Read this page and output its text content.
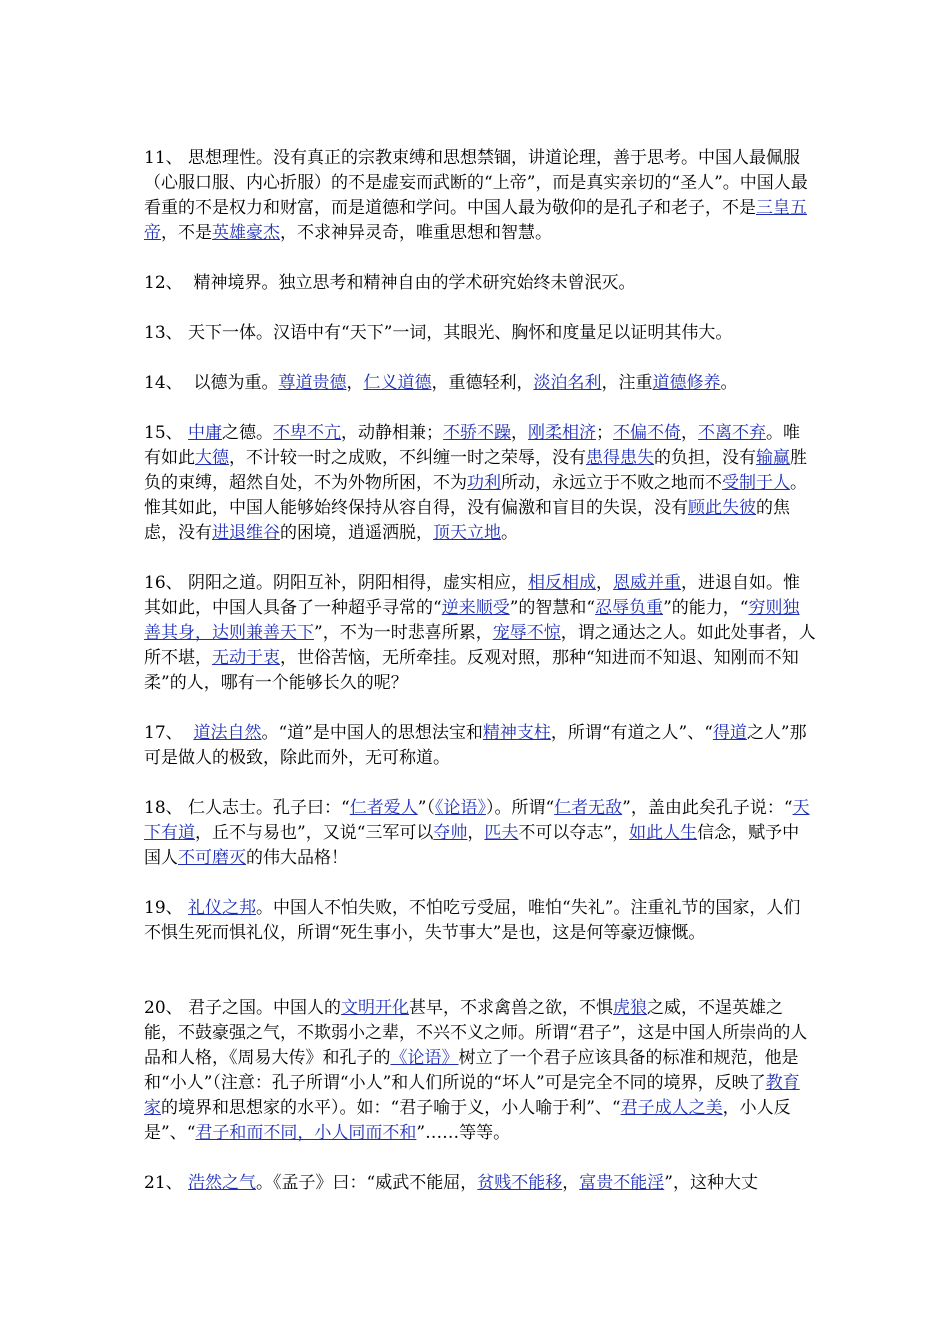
11、 思想理性。没有真正的宗教束缚和思想禁锢，讲道论理，善于思考。中国人最佩服（心服口服、内心折服）的不是虚妄而武断的“上帝”，而是真实亲切的“圣人”。中国人最看重的不是权力和财富，而是道德和学问。中国人最为敬仰的是孔子和老子，不是三皇五帝，不是英雄豪杰，不求神异灵奇，唯重思想和智慧。

12、  精神境界。独立思考和精神自由的学术研究始终未曾泯灭。

13、 天下一体。汉语中有“天下”一词，其眼光、胸怀和度量足以证明其伟大。

14、  以德为重。尊道贵德，仁义道德，重德轻利，淡泊名利，注重道德修养。

15、 中庸之德。不卑不亢，动静相兼；不骄不躁，刚柔相济；不偏不倚，不离不弃。唯有如此大德，不计较一时之成败，不纠缠一时之荣辱，没有患得患失的负担，没有输赢胜负的束缚，超然自处，不为外物所困，不为功利所动，永远立于不败之地而不受制于人。惟其如此，中国人能够始终保持从容自得，没有偏激和盲目的失误，没有顾此失彼的焦虑，没有进退维谷的困境，逍遥洒脱，顶天立地。

16、 阴阳之道。阴阳互补，阴阳相得，虚实相应，相反相成，恩威并重，进退自如。惟其如此，中国人具备了一种超乎寻常的“逆来顺受”的智慧和“忍辱负重”的能力，“穷则独善其身，达则兼善天下”，不为一时悲喜所累，宠辱不惊，谓之通达之人。如此处事者，人所不堪，无动于衷，世俗苦恼，无所牵挂。反观对照，那种“知进而不知退、知刚而不知柔”的人，哪有一个能够长久的呢？

17、 道法自然。“道”是中国人的思想法宝和精神支柱，所谓“有道之人”、“得道之人”那可是做人的极致，除此而外，无可称道。

18、 仁人志士。孔子曰：“仁者爱人”（《论语》）。所谓“仁者无敌”，盖由此矣孔子说：“天下有道，丘不与易也”，又说“三军可以夺帅，匹夫不可以夺志”，如此人生信念，赋予中国人不可磨灭的伟大品格！

19、 礼仪之邦。中国人不怕失败，不怕吃亏受屈，唯怕“失礼”。注重礼节的国家，人们不惧生死而惧礼仪，所谓“死生事小，失节事大”是也，这是何等豪迈慷慨。

20、 君子之国。中国人的文明开化甚早，不求禽兽之欲，不惧虎狼之威，不逞英雄之能，不鼓豪强之气，不欺弱小之辈，不兴不义之师。所谓“君子”，这是中国人所崇尚的人品和人格，《周易大传》和孔子的《论语》树立了一个君子应该具备的标准和规范，他是和“小人”（注意：孔子所谓“小人”和人们所说的“坏人”可是完全不同的境界，反映了教育家的境界和思想家的水平）。如：“君子喻于义，小人喻于利”、“君子成人之美，小人反是”、“君子和而不同，小人同而不和”……等等。

21、 浩然之气。《孟子》曰：“威武不能屈，贫贱不能移，富贵不能淫”，这种大丈
